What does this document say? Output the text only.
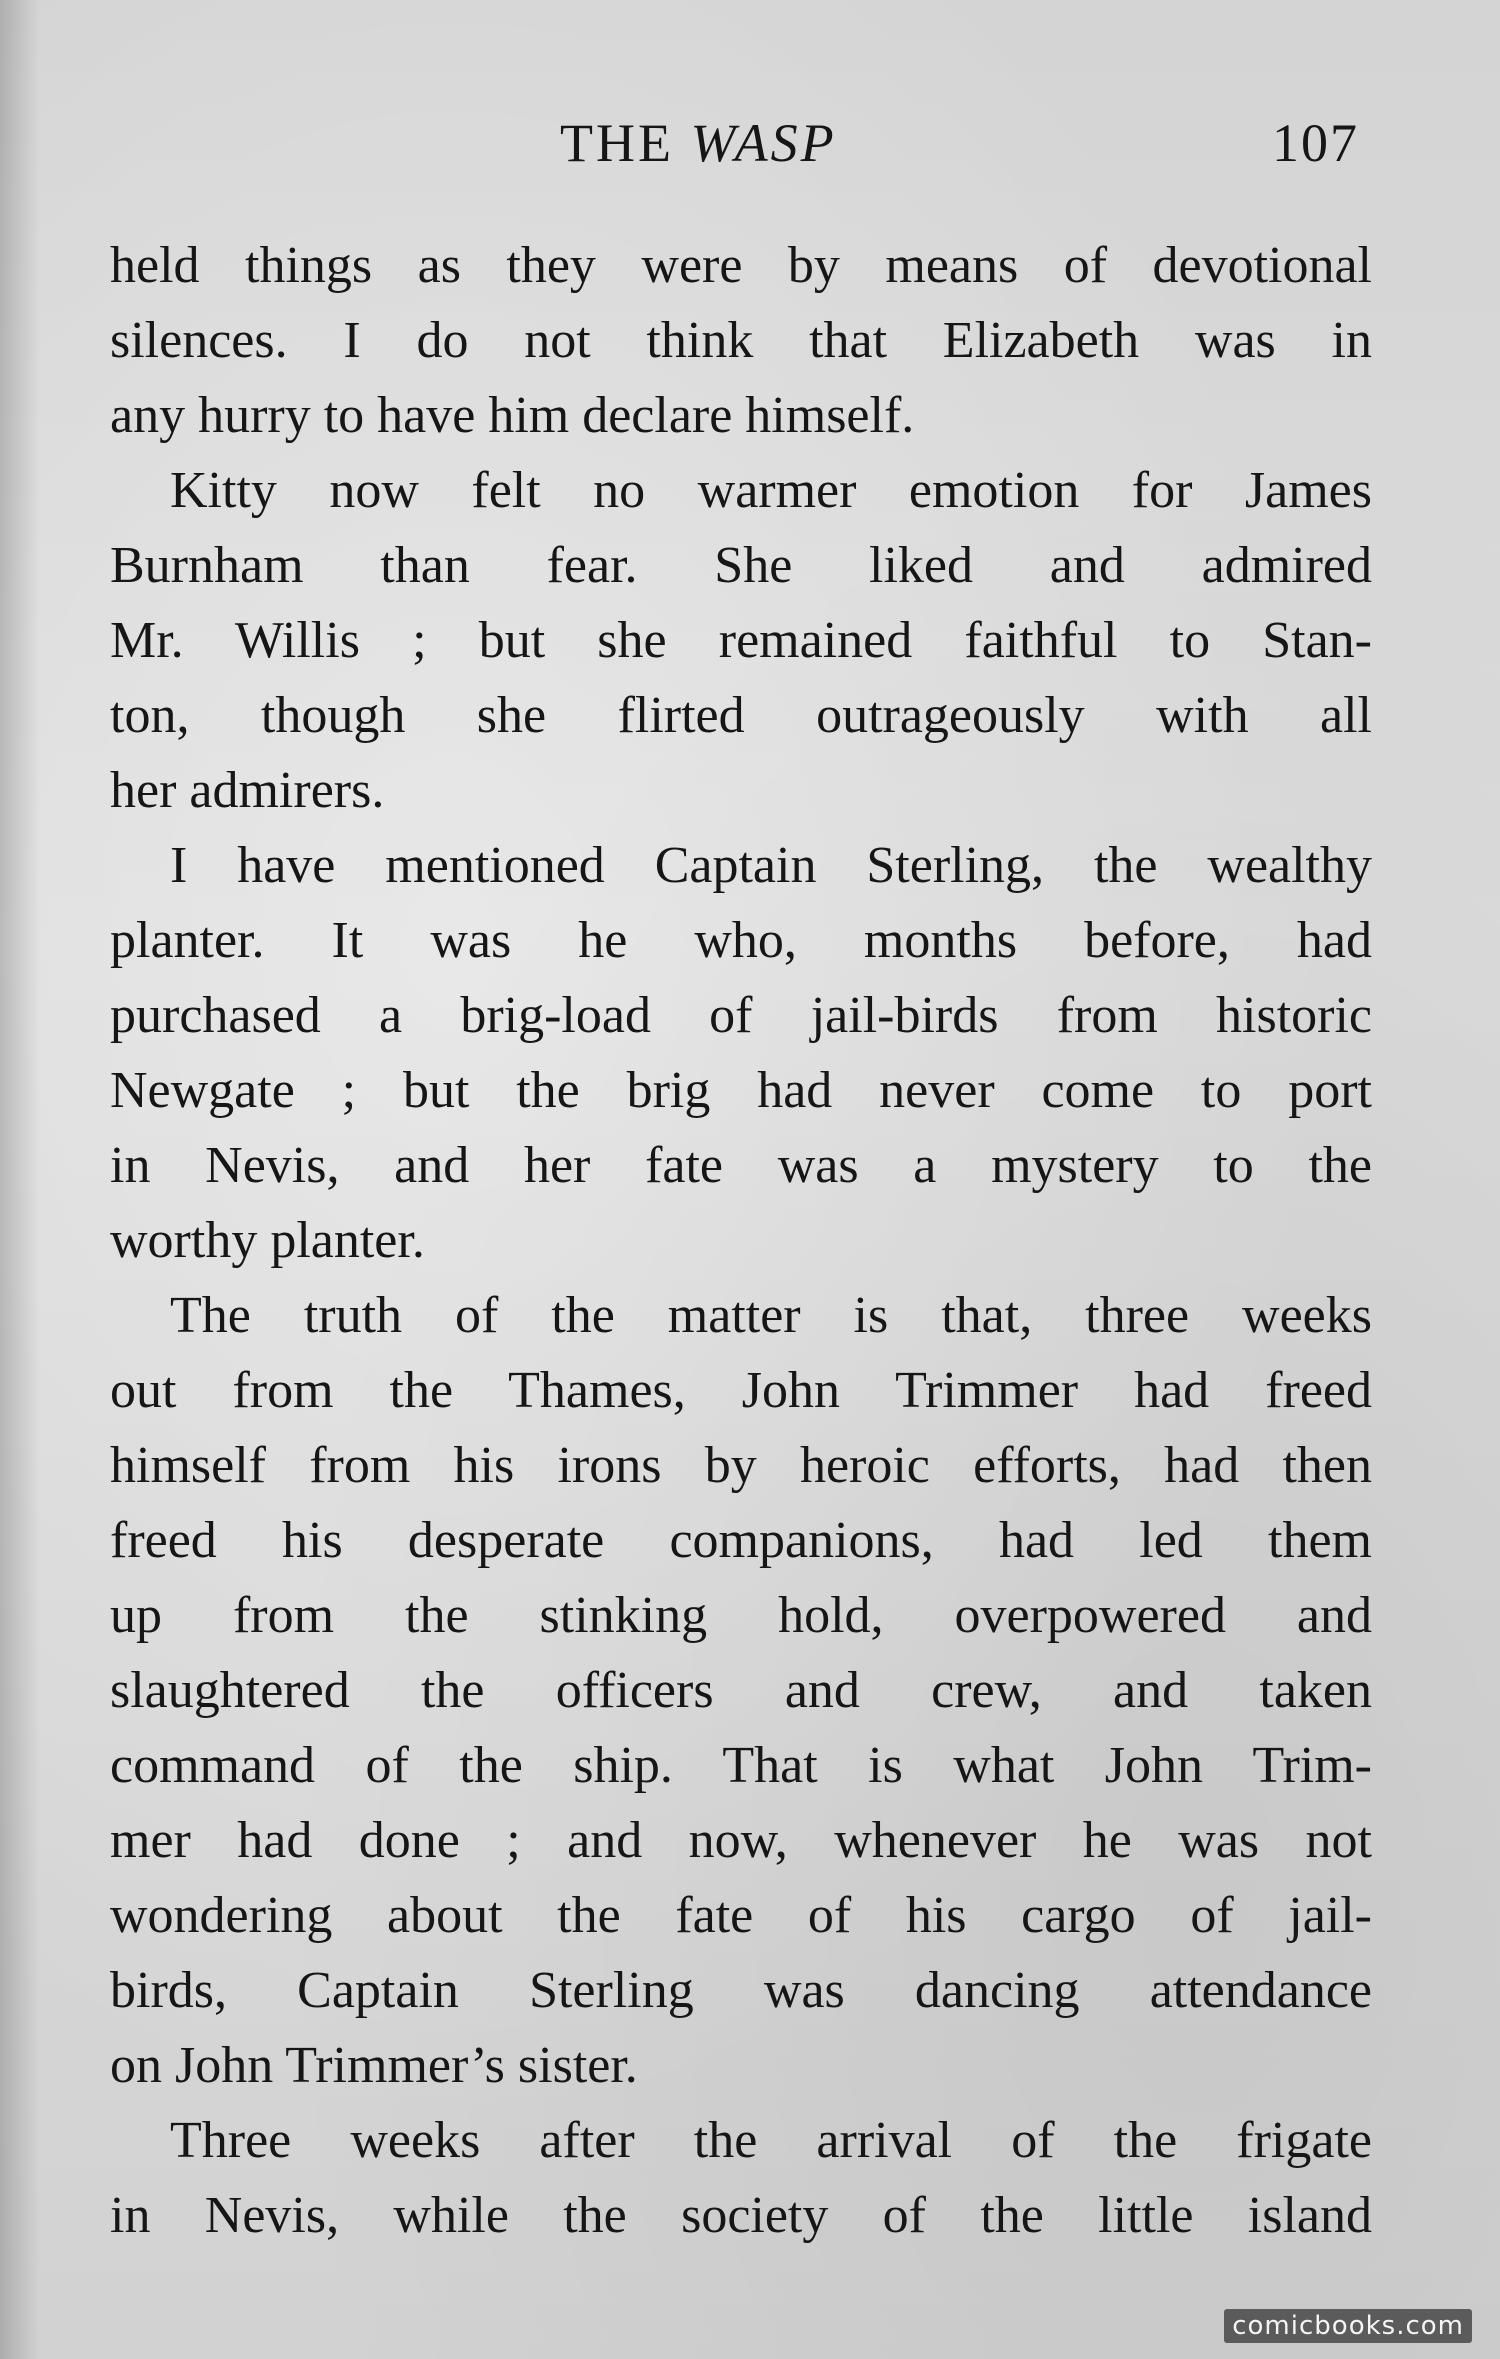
THE WASP	107
held things as they were by means of devotional
silences. I do not think that Elizabeth was in
any hurry to have him declare himself.
Kitty now felt no warmer emotion for James
Burnham than fear. She liked and admired
Mr. Willis ; but she remained faithful to Stan-
ton, though she flirted outrageously with all
her admirers.
I have mentioned Captain Sterling, the wealthy
planter. It was he who, months before, had
purchased a brig-load of jail-birds from historic
Newgate ; but the brig had never come to port
in Nevis, and her fate was a mystery to the
worthy planter.
The truth of the matter is that, three weeks
out from the Thames, John Trimmer had freed
himself from his irons by heroic efforts, had then
freed his desperate companions, had led them
up from the stinking hold, overpowered and
slaughtered the officers and crew, and taken
command of the ship. That is what John Trim-
mer had done ; and now, whenever he was not
wondering about the fate of his cargo of jail-
birds, Captain Sterling was dancing attendance
on John Trimmer’s sister.
Three weeks after the arrival of the frigate
in Nevis, while the society of the little island
comicbooks.com
